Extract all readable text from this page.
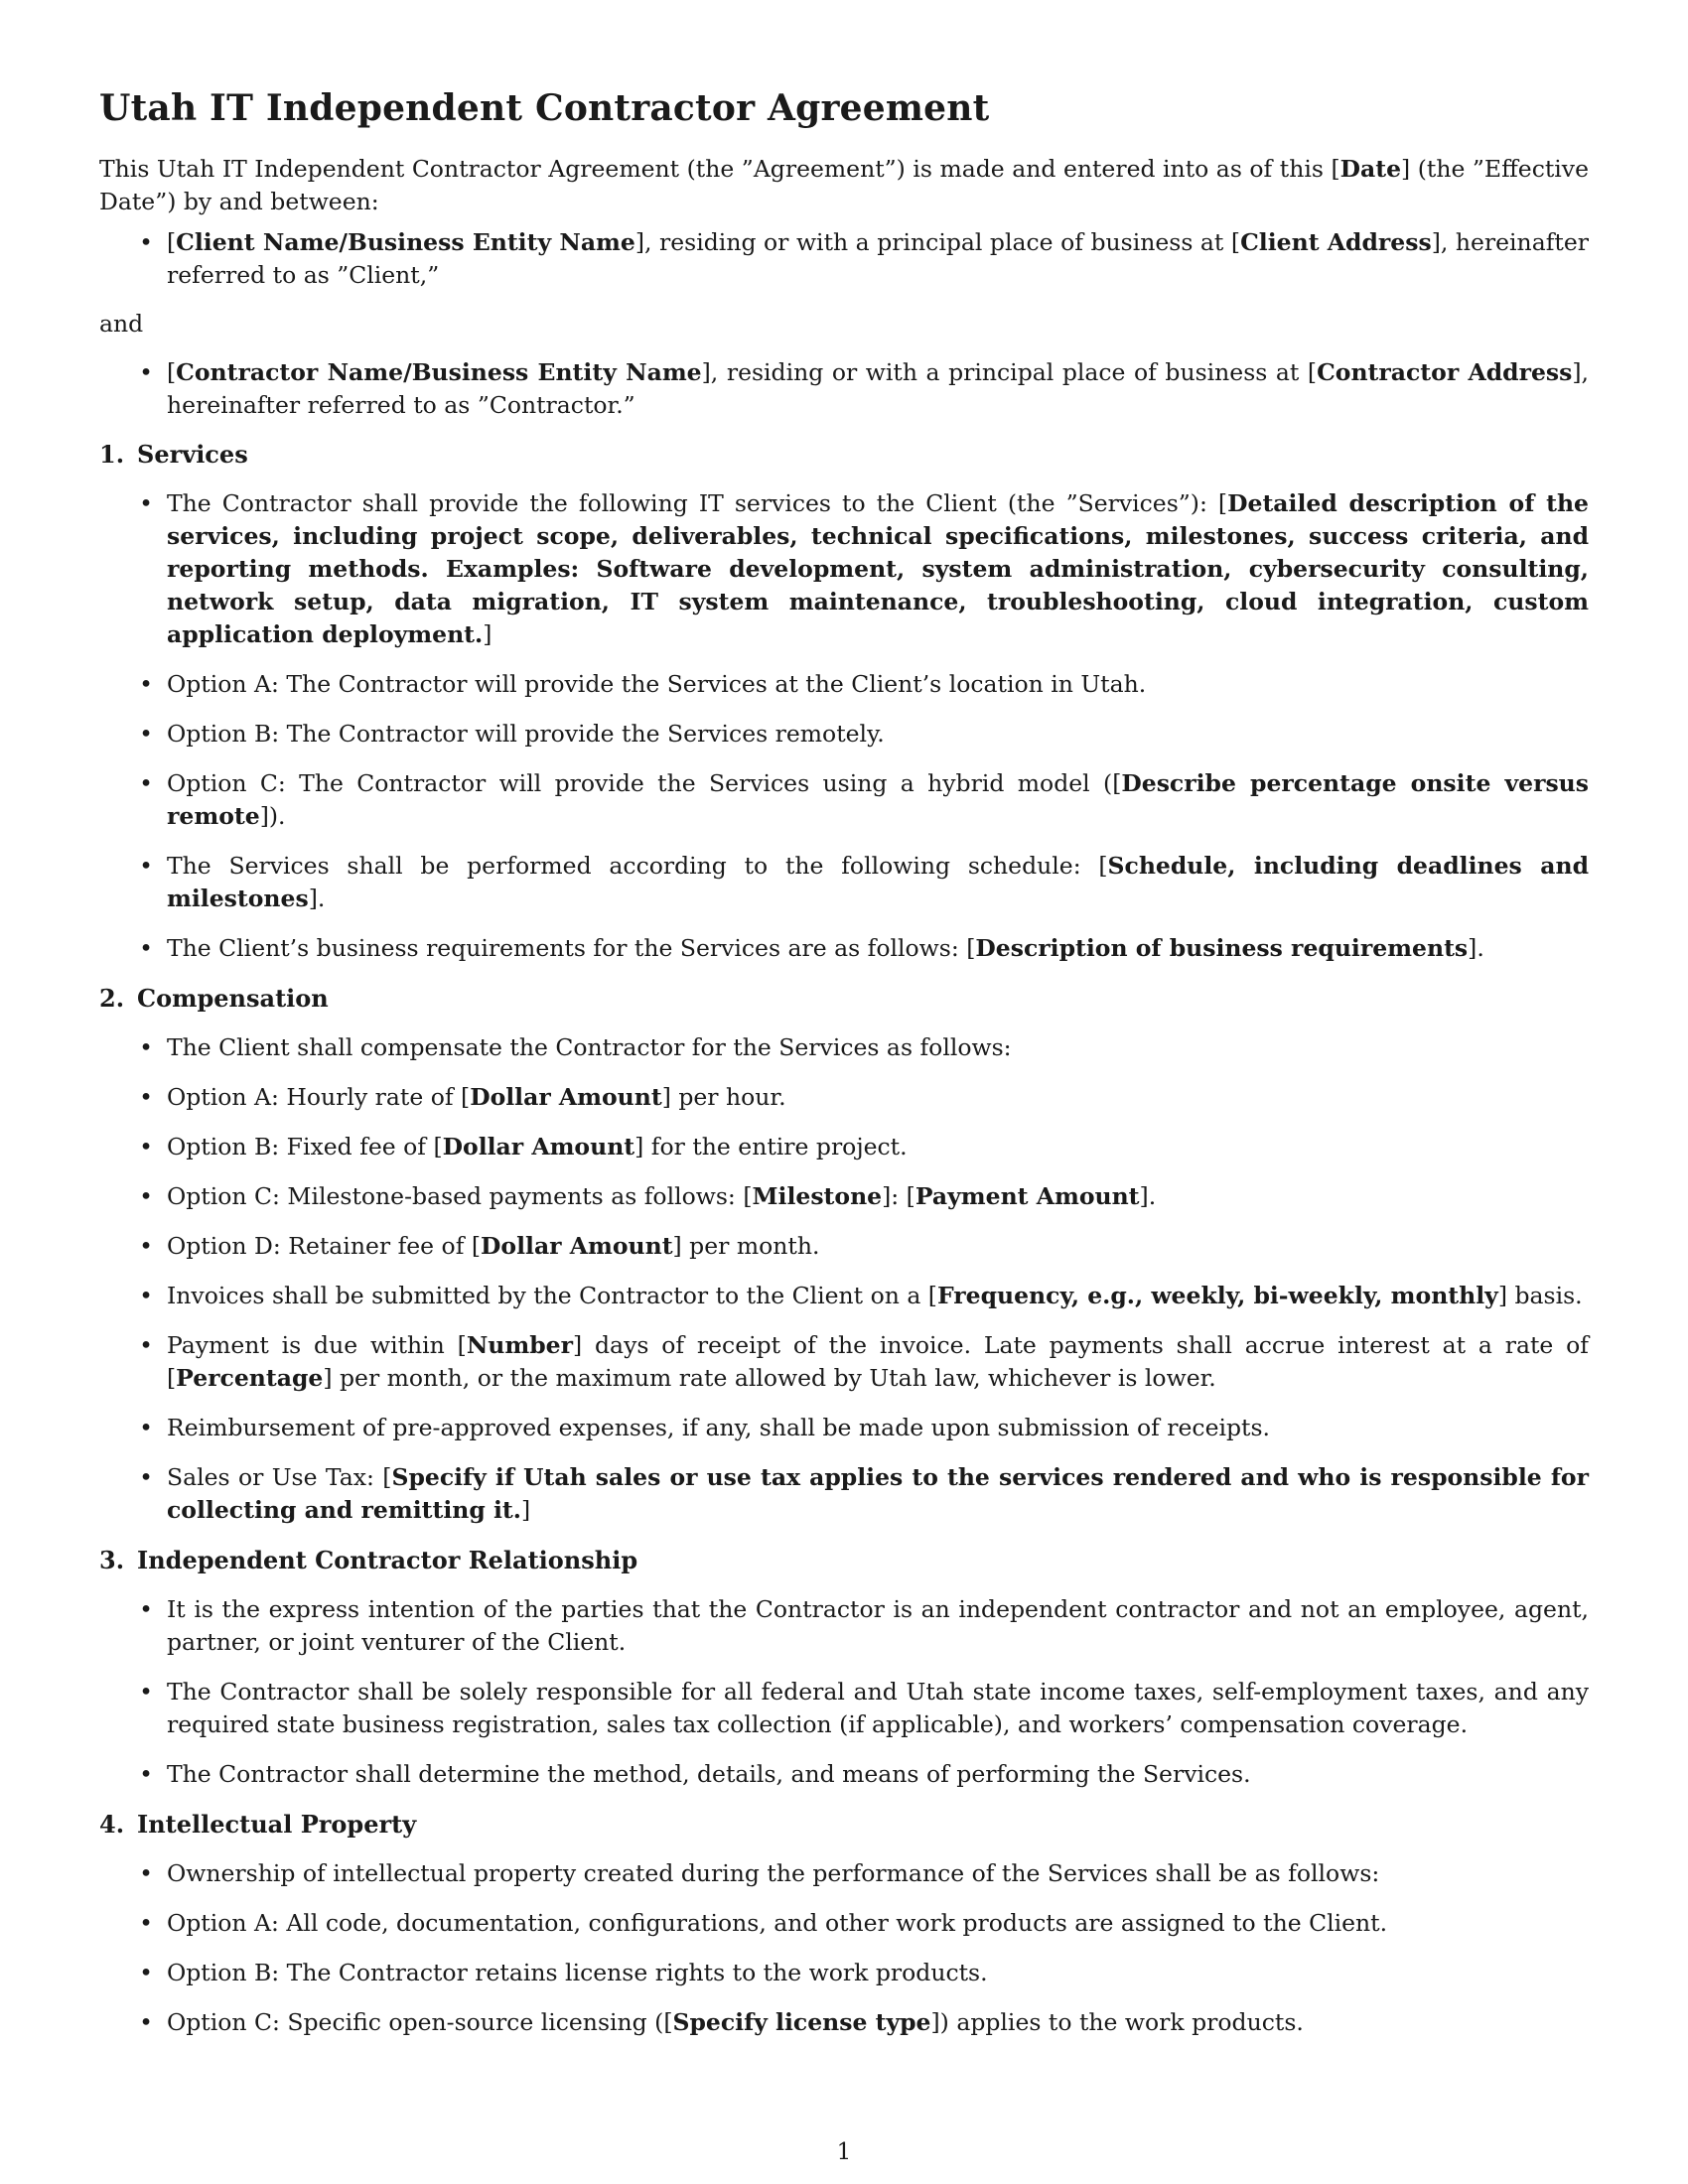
Utah IT Independent Contractor Agreement

This Utah IT Independent Contractor Agreement (the ”Agreement”) is made and entered into as of this [Date] (the ”Effective Date”) by and between:

• [Client Name/Business Entity Name], residing or with a principal place of business at [Client Address], hereinafter referred to as ”Client,”

and

• [Contractor Name/Business Entity Name], residing or with a principal place of business at [Contractor Address], hereinafter referred to as ”Contractor.”
1. Services
• The Contractor shall provide the following IT services to the Client (the ”Services”): [Detailed description of the services, including project scope, deliverables, technical specifications, milestones, success criteria, and reporting methods. Examples: Software development, system administration, cybersecurity consulting, network setup, data migration, IT system maintenance, troubleshooting, cloud integration, custom application deployment.]
• Option A: The Contractor will provide the Services at the Client’s location in Utah.
• Option B: The Contractor will provide the Services remotely.
• Option C: The Contractor will provide the Services using a hybrid model ([Describe percentage onsite versus remote]).
• The Services shall be performed according to the following schedule: [Schedule, including deadlines and milestones].
• The Client’s business requirements for the Services are as follows: [Description of business requirements].
2. Compensation
• The Client shall compensate the Contractor for the Services as follows:
• Option A: Hourly rate of [Dollar Amount] per hour.
• Option B: Fixed fee of [Dollar Amount] for the entire project.
• Option C: Milestone-based payments as follows: [Milestone]: [Payment Amount].
• Option D: Retainer fee of [Dollar Amount] per month.
• Invoices shall be submitted by the Contractor to the Client on a [Frequency, e.g., weekly, bi-weekly, monthly] basis.
• Payment is due within [Number] days of receipt of the invoice. Late payments shall accrue interest at a rate of [Percentage] per month, or the maximum rate allowed by Utah law, whichever is lower.
• Reimbursement of pre-approved expenses, if any, shall be made upon submission of receipts.
• Sales or Use Tax: [Specify if Utah sales or use tax applies to the services rendered and who is responsible for collecting and remitting it.]
3. Independent Contractor Relationship
• It is the express intention of the parties that the Contractor is an independent contractor and not an employee, agent, partner, or joint venturer of the Client.
• The Contractor shall be solely responsible for all federal and Utah state income taxes, self-employment taxes, and any required state business registration, sales tax collection (if applicable), and workers’ compensation coverage.
• The Contractor shall determine the method, details, and means of performing the Services.
4. Intellectual Property
• Ownership of intellectual property created during the performance of the Services shall be as follows:
• Option A: All code, documentation, configurations, and other work products are assigned to the Client.
• Option B: The Contractor retains license rights to the work products.
• Option C: Specific open-source licensing ([Specify license type]) applies to the work products.
1
